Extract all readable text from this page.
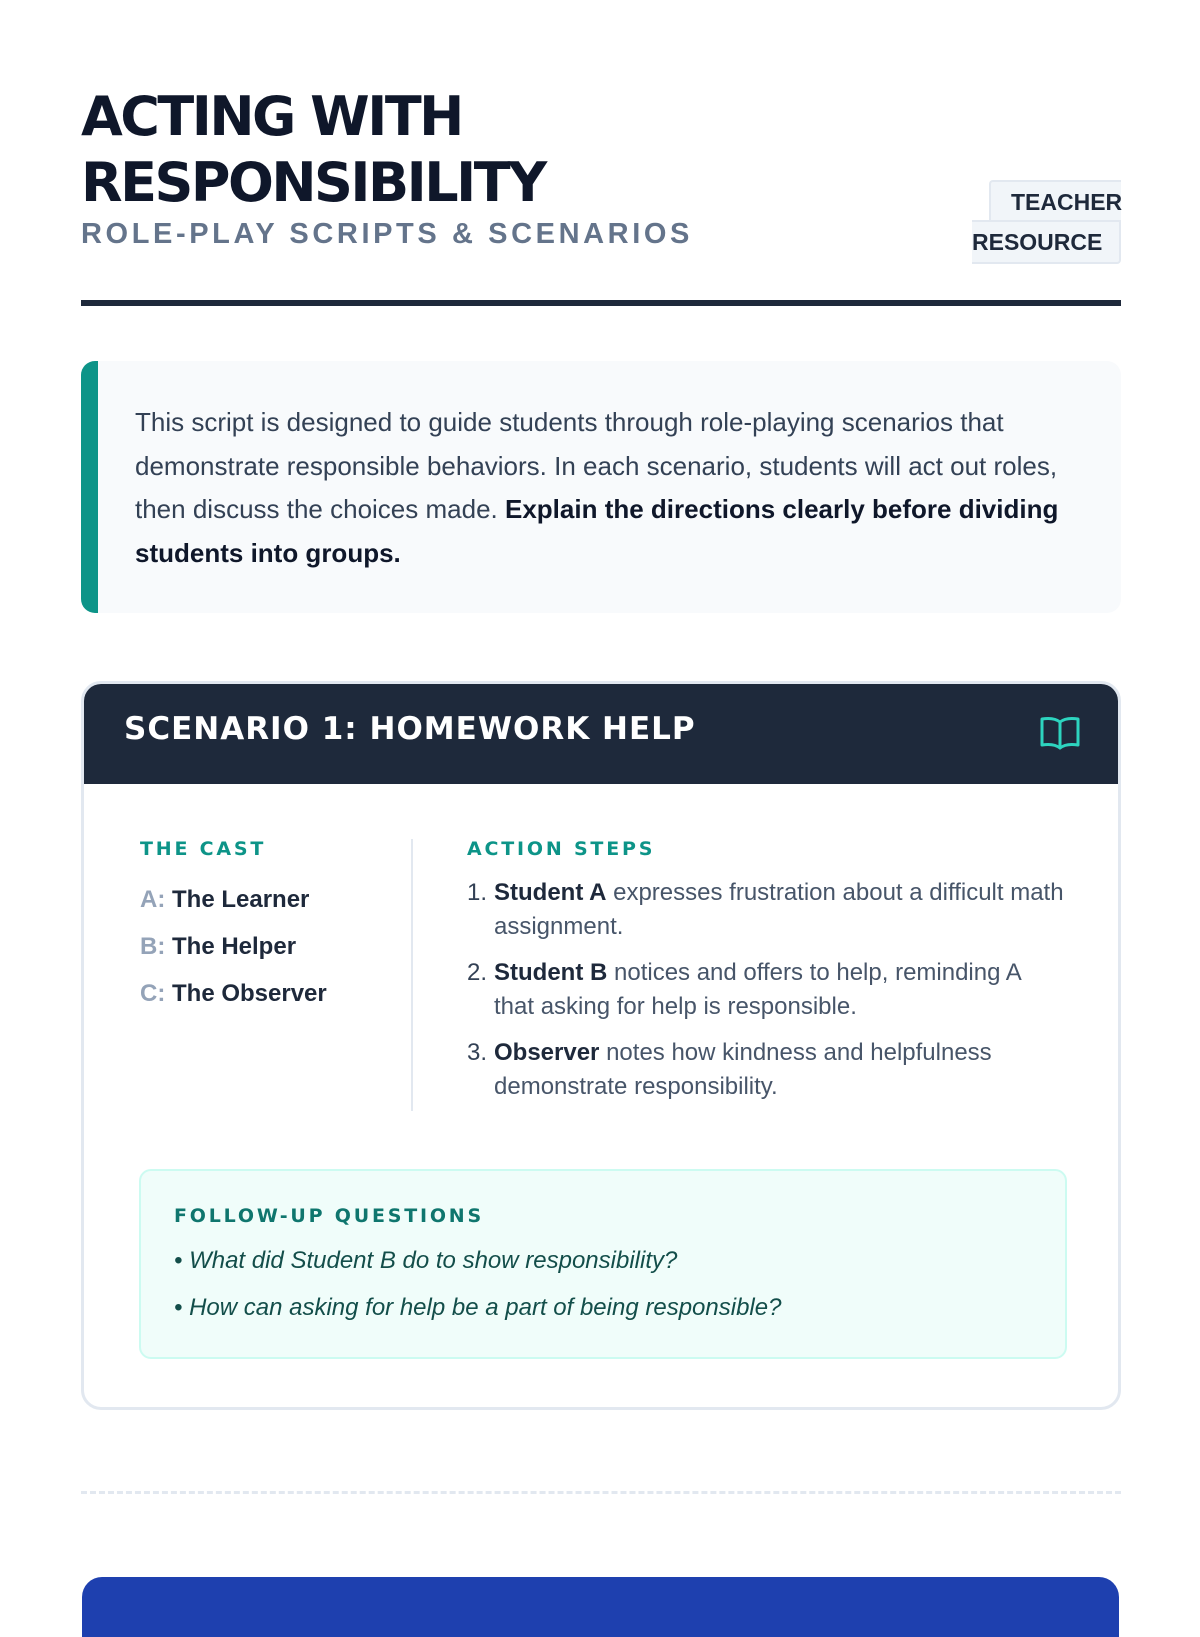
ACTING WITH
RESPONSIBILITY
ROLE-PLAY SCRIPTS & SCENARIOS
TEACHER
RESOURCE
This script is designed to guide students through role-playing scenarios that demonstrate responsible behaviors. In each scenario, students will act out roles, then discuss the choices made. Explain the directions clearly before dividing students into groups.
SCENARIO 1: HOMEWORK HELP
THE CAST
A: The Learner
B: The Helper
C: The Observer
ACTION STEPS
1. Student A expresses frustration about a difficult math assignment.
2. Student B notices and offers to help, reminding A that asking for help is responsible.
3. Observer notes how kindness and helpfulness demonstrate responsibility.
FOLLOW-UP QUESTIONS
• What did Student B do to show responsibility?
• How can asking for help be a part of being responsible?
